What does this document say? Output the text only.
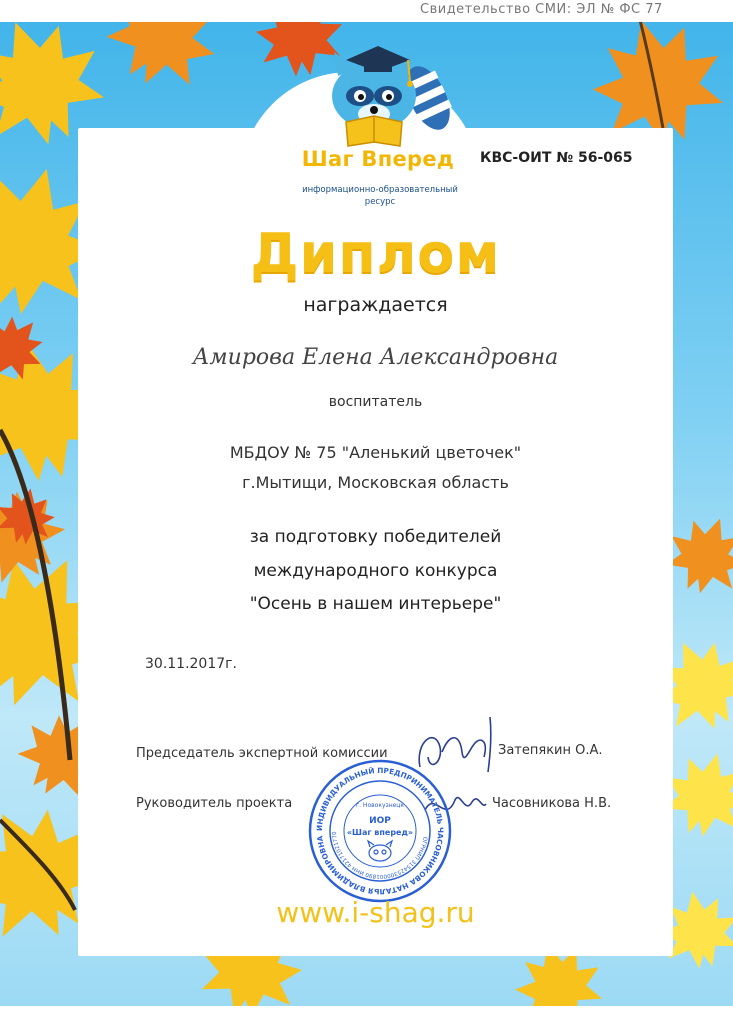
Свидетельство СМИ: ЭЛ № ФС 77
Шаг Вперед
информационно-образовательный
ресурс
КВС-ОИТ № 56-065
Диплом
награждается
Амирова Елена Александровна
воспитатель
МБДОУ № 75 "Аленький цветочек"
г.Мытищи, Московская область
за подготовку победителей
международного конкурса
"Осень в нашем интерьере"
30.11.2017г.
Председатель экспертной комиссии	Затепякин О.А.
Руководитель проекта	Часовникова Н.В.
ИНДИВИДУАЛЬНЫЙ ПРЕДПРИНИМАТЕЛЬ ЧАСОВНИКОВА НАТАЛЬЯ ВЛАДИМИРОВНА	ОГРНИП 315425300001890 ИНН 42171021770
г. Новокузнецк
ИОР
«Шаг вперед»
www.i-shag.ru
